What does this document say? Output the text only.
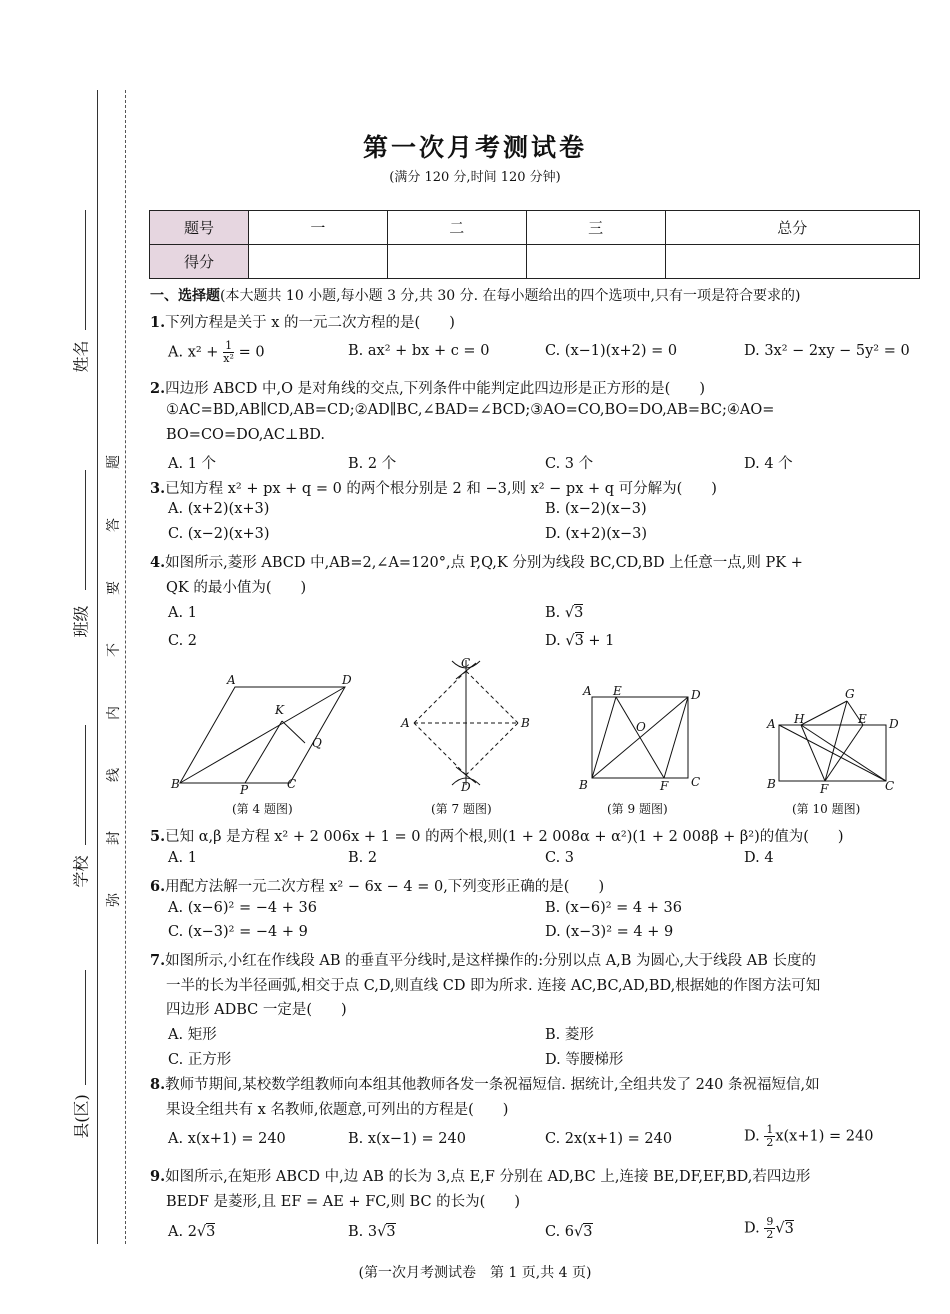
姓名
班级
学校
县(区)
题
答
要
不
内
线
封
弥
第一次月考测试卷
(满分 120 分,时间 120 分钟)
题号	一	二	三	总分
得分				
一、选择题(本大题共 10 小题,每小题 3 分,共 30 分. 在每小题给出的四个选项中,只有一项是符合要求的)
1.下列方程是关于 x 的一元二次方程的是(　　)
A. $x^2 + \frac{1}{\text{x²}} = 0$	B. ax² + bx + c = 0	C. (x−1)(x+2) = 0	D. 3x² − 2xy − 5y² = 0
2.四边形 ABCD 中,O 是对角线的交点,下列条件中能判定此四边形是正方形的是(　　)
①AC=BD,AB∥CD,AB=CD;②AD∥BC,∠BAD=∠BCD;③AO=CO,BO=DO,AB=BC;④AO=
BO=CO=DO,AC⊥BD.
A. 1 个	B. 2 个	C. 3 个	D. 4 个
3.已知方程 x² + px + q = 0 的两个根分别是 2 和 −3,则 x² − px + q 可分解为(　　)
A. (x+2)(x+3)	B. (x−2)(x−3)
C. (x−2)(x+3)	D. (x+2)(x−3)
4.如图所示,菱形 ABCD 中,AB=2,∠A=120°,点 P,Q,K 分别为线段 BC,CD,BD 上任意一点,则 PK +
QK 的最小值为(　　)
A. 1	B. √3
C. 2	D. √3 + 1
A	D
K
Q
B	P	C
(第 4 题图)
C
A	B
D
(第 7 题图)
A E	D
O
B	F C
(第 9 题图)
G
A H	E D
B	F	C
(第 10 题图)
5.已知 α,β 是方程 x² + 2 006x + 1 = 0 的两个根,则(1 + 2 008α + α²)(1 + 2 008β + β²)的值为(　　)
A. 1	B. 2	C. 3	D. 4
6.用配方法解一元二次方程 x² − 6x − 4 = 0,下列变形正确的是(　　)
A. (x−6)² = −4 + 36	B. (x−6)² = 4 + 36
C. (x−3)² = −4 + 9	D. (x−3)² = 4 + 9
7.如图所示,小红在作线段 AB 的垂直平分线时,是这样操作的:分别以点 A,B 为圆心,大于线段 AB 长度的
一半的长为半径画弧,相交于点 C,D,则直线 CD 即为所求. 连接 AC,BC,AD,BD,根据她的作图方法可知
四边形 ADBC 一定是(　　)
A. 矩形	B. 菱形
C. 正方形	D. 等腰梯形
8.教师节期间,某校数学组教师向本组其他教师各发一条祝福短信. 据统计,全组共发了 240 条祝福短信,如
果设全组共有 x 名教师,依题意,可列出的方程是(　　)
A. x(x+1) = 240	B. x(x−1) = 240	C. 2x(x+1) = 240	D. $\frac{1}{2} x(x+1) = 240$
9.如图所示,在矩形 ABCD 中,边 AB 的长为 3,点 E,F 分别在 AD,BC 上,连接 BE,DF,EF,BD,若四边形
BEDF 是菱形,且 EF = AE + FC,则 BC 的长为(　　)
A. 2√3	B. 3√3	C. 6√3	D. $\frac{9}{2} √3$
(第一次月考测试卷　第 1 页,共 4 页)
